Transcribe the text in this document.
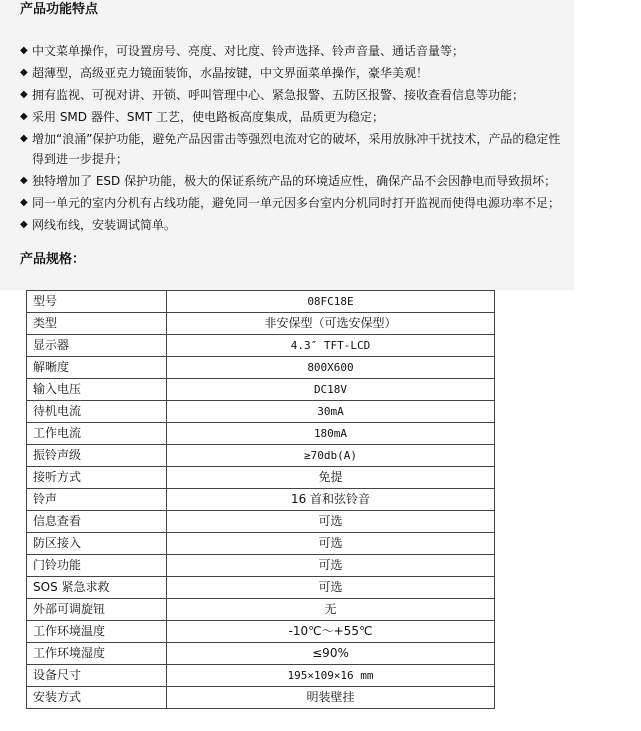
产品功能特点
◆ 中文菜单操作，可设置房号、亮度、对比度、铃声选择、铃声音量、通话音量等；
◆ 超薄型，高级亚克力镜面装饰，水晶按键，中文界面菜单操作，豪华美观！
◆ 拥有监视、可视对讲、开锁、呼叫管理中心、紧急报警、五防区报警、接收查看信息等功能；
◆ 采用 SMD 器件、SMT 工艺，使电路板高度集成，品质更为稳定；
◆ 增加“浪涌”保护功能，避免产品因雷击等强烈电流对它的破坏，采用放脉冲干扰技术，产品的稳定性得到进一步提升；
◆ 独特增加了 ESD 保护功能，极大的保证系统产品的环境适应性，确保产品不会因静电而导致损坏；
◆ 同一单元的室内分机有占线功能，避免同一单元因多台室内分机同时打开监视而使得电源功率不足；
◆ 网线布线，安装调试简单。
产品规格：
型号	08FC18E
类型	非安保型（可选安保型）
显示器	4.3″ TFT-LCD
解晰度	800X600
输入电压	DC18V
待机电流	30mA
工作电流	180mA
振铃声级	≥70db(A)
接听方式	免提
铃声	16 首和弦铃音
信息查看	可选
防区接入	可选
门铃功能	可选
SOS 紧急求救	可选
外部可调旋钮	无
工作环境温度	-10℃～+55℃
工作环境湿度	≤90%
设备尺寸	195×109×16 mm
安装方式	明装壁挂
